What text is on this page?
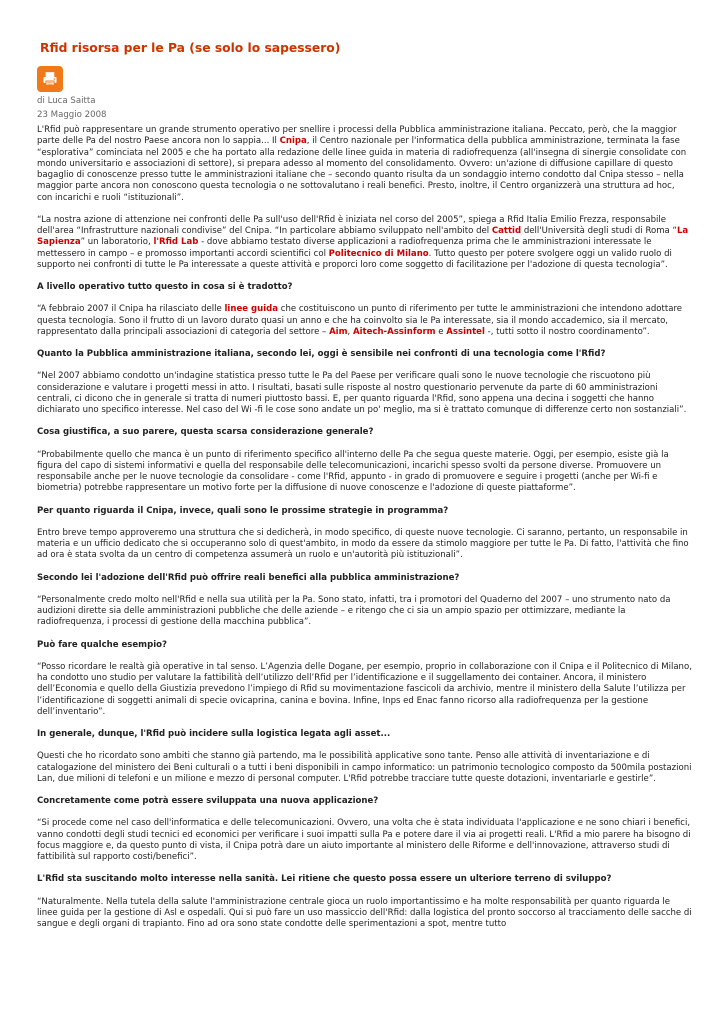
Rfid risorsa per le Pa (se solo lo sapessero)
di Luca Saitta
23 Maggio 2008

L'Rfid può rappresentare un grande strumento operativo per snellire i processi della Pubblica amministrazione italiana. Peccato, però, che la maggior parte delle Pa del nostro Paese ancora non lo sappia... Il Cnipa, il Centro nazionale per l'informatica della pubblica amministrazione, terminata la fase “esplorativa” cominciata nel 2005 e che ha portato alla redazione delle linee guida in materia di radiofrequenza (all'insegna di sinergie consolidate con mondo universitario e associazioni di settore), si prepara adesso al momento del consolidamento. Ovvero: un'azione di diffusione capillare di questo bagaglio di conoscenze presso tutte le amministrazioni italiane che – secondo quanto risulta da un sondaggio interno condotto dal Cnipa stesso – nella maggior parte ancora non conoscono questa tecnologia o ne sottovalutano i reali benefici. Presto, inoltre, il Centro organizzerà una struttura ad hoc, con incarichi e ruoli “istituzionali”.

“La nostra azione di attenzione nei confronti delle Pa sull'uso dell'Rfid è iniziata nel corso del 2005”, spiega a Rfid Italia Emilio Frezza, responsabile dell'area “Infrastrutture nazionali condivise” del Cnipa. “In particolare abbiamo sviluppato nell'ambito del Cattid dell'Università degli studi di Roma “La Sapienza” un laboratorio, l'Rfid Lab - dove abbiamo testato diverse applicazioni a radiofrequenza prima che le amministrazioni interessate le mettessero in campo – e promosso importanti accordi scientifici col Politecnico di Milano. Tutto questo per potere svolgere oggi un valido ruolo di supporto nei confronti di tutte le Pa interessate a queste attività e proporci loro come soggetto di facilitazione per l'adozione di questa tecnologia”.

A livello operativo tutto questo in cosa si è tradotto?

“A febbraio 2007 il Cnipa ha rilasciato delle linee guida che costituiscono un punto di riferimento per tutte le amministrazioni che intendono adottare questa tecnologia. Sono il frutto di un lavoro durato quasi un anno e che ha coinvolto sia le Pa interessate, sia il mondo accademico, sia il mercato, rappresentato dalla principali associazioni di categoria del settore – Aim, Aitech-Assinform e Assintel -, tutti sotto il nostro coordinamento”.

Quanto la Pubblica amministrazione italiana, secondo lei, oggi è sensibile nei confronti di una tecnologia come l'Rfid?

“Nel 2007 abbiamo condotto un'indagine statistica presso tutte le Pa del Paese per verificare quali sono le nuove tecnologie che riscuotono più considerazione e valutare i progetti messi in atto. I risultati, basati sulle risposte al nostro questionario pervenute da parte di 60 amministrazioni centrali, ci dicono che in generale si tratta di numeri piuttosto bassi. E, per quanto riguarda l'Rfid, sono appena una decina i soggetti che hanno dichiarato uno specifico interesse. Nel caso del Wi -fi le cose sono andate un po' meglio, ma si è trattato comunque di differenze certo non sostanziali”.

Cosa giustifica, a suo parere, questa scarsa considerazione generale?

“Probabilmente quello che manca è un punto di riferimento specifico all'interno delle Pa che segua queste materie. Oggi, per esempio, esiste già la figura del capo di sistemi informativi e quella del responsabile delle telecomunicazioni, incarichi spesso svolti da persone diverse. Promuovere un responsabile anche per le nuove tecnologie da consolidare - come l'Rfid, appunto - in grado di promuovere e seguire i progetti (anche per Wi-fi e biometria) potrebbe rappresentare un motivo forte per la diffusione di nuove conoscenze e l'adozione di queste piattaforme”.

Per quanto riguarda il Cnipa, invece, quali sono le prossime strategie in programma?

Entro breve tempo approveremo una struttura che si dedicherà, in modo specifico, di queste nuove tecnologie. Ci saranno, pertanto, un responsabile in materia e un ufficio dedicato che si occuperanno solo di quest'ambito, in modo da essere da stimolo maggiore per tutte le Pa. Di fatto, l'attività che fino ad ora è stata svolta da un centro di competenza assumerà un ruolo e un'autorità più istituzionali”.

Secondo lei l'adozione dell'Rfid può offrire reali benefici alla pubblica amministrazione?

“Personalmente credo molto nell'Rfid e nella sua utilità per la Pa. Sono stato, infatti, tra i promotori del Quaderno del 2007 – uno strumento nato da audizioni dirette sia delle amministrazioni pubbliche che delle aziende – e ritengo che ci sia un ampio spazio per ottimizzare, mediante la radiofrequenza, i processi di gestione della macchina pubblica”.

Può fare qualche esempio?

“Posso ricordare le realtà già operative in tal senso. L’Agenzia delle Dogane, per esempio, proprio in collaborazione con il Cnipa e il Politecnico di Milano, ha condotto uno studio per valutare la fattibilità dell’utilizzo dell’Rfid per l’identificazione e il suggellamento dei container. Ancora, il ministero dell’Economia e quello della Giustizia prevedono l’impiego di Rfid su movimentazione fascicoli da archivio, mentre il ministero della Salute l’utilizza per l’identificazione di soggetti animali di specie ovicaprina, canina e bovina. Infine, Inps ed Enac fanno ricorso alla radiofrequenza per la gestione dell’inventario”.

In generale, dunque, l'Rfid può incidere sulla logistica legata agli asset...

Questi che ho ricordato sono ambiti che stanno già partendo, ma le possibilità applicative sono tante. Penso alle attività di inventariazione e di catalogazione del ministero dei Beni culturali o a tutti i beni disponibili in campo informatico: un patrimonio tecnologico composto da 500mila postazioni Lan, due milioni di telefoni e un milione e mezzo di personal computer. L'Rfid potrebbe tracciare tutte queste dotazioni, inventariarle e gestirle”.

Concretamente come potrà essere sviluppata una nuova applicazione?

“Si procede come nel caso dell'informatica e delle telecomunicazioni. Ovvero, una volta che è stata individuata l'applicazione e ne sono chiari i benefici, vanno condotti degli studi tecnici ed economici per verificare i suoi impatti sulla Pa e potere dare il via ai progetti reali. L'Rfid a mio parere ha bisogno di focus maggiore e, da questo punto di vista, il Cnipa potrà dare un aiuto importante al ministero delle Riforme e dell'innovazione, attraverso studi di fattibilità sul rapporto costi/benefici”.

L'Rfid sta suscitando molto interesse nella sanità. Lei ritiene che questo possa essere un ulteriore terreno di sviluppo?

“Naturalmente. Nella tutela della salute l'amministrazione centrale gioca un ruolo importantissimo e ha molte responsabilità per quanto riguarda le linee guida per la gestione di Asl e ospedali. Qui si può fare un uso massiccio dell'Rfid: dalla logistica del pronto soccorso al tracciamento delle sacche di sangue e degli organi di trapianto. Fino ad ora sono state condotte delle sperimentazioni a spot, mentre tutto
